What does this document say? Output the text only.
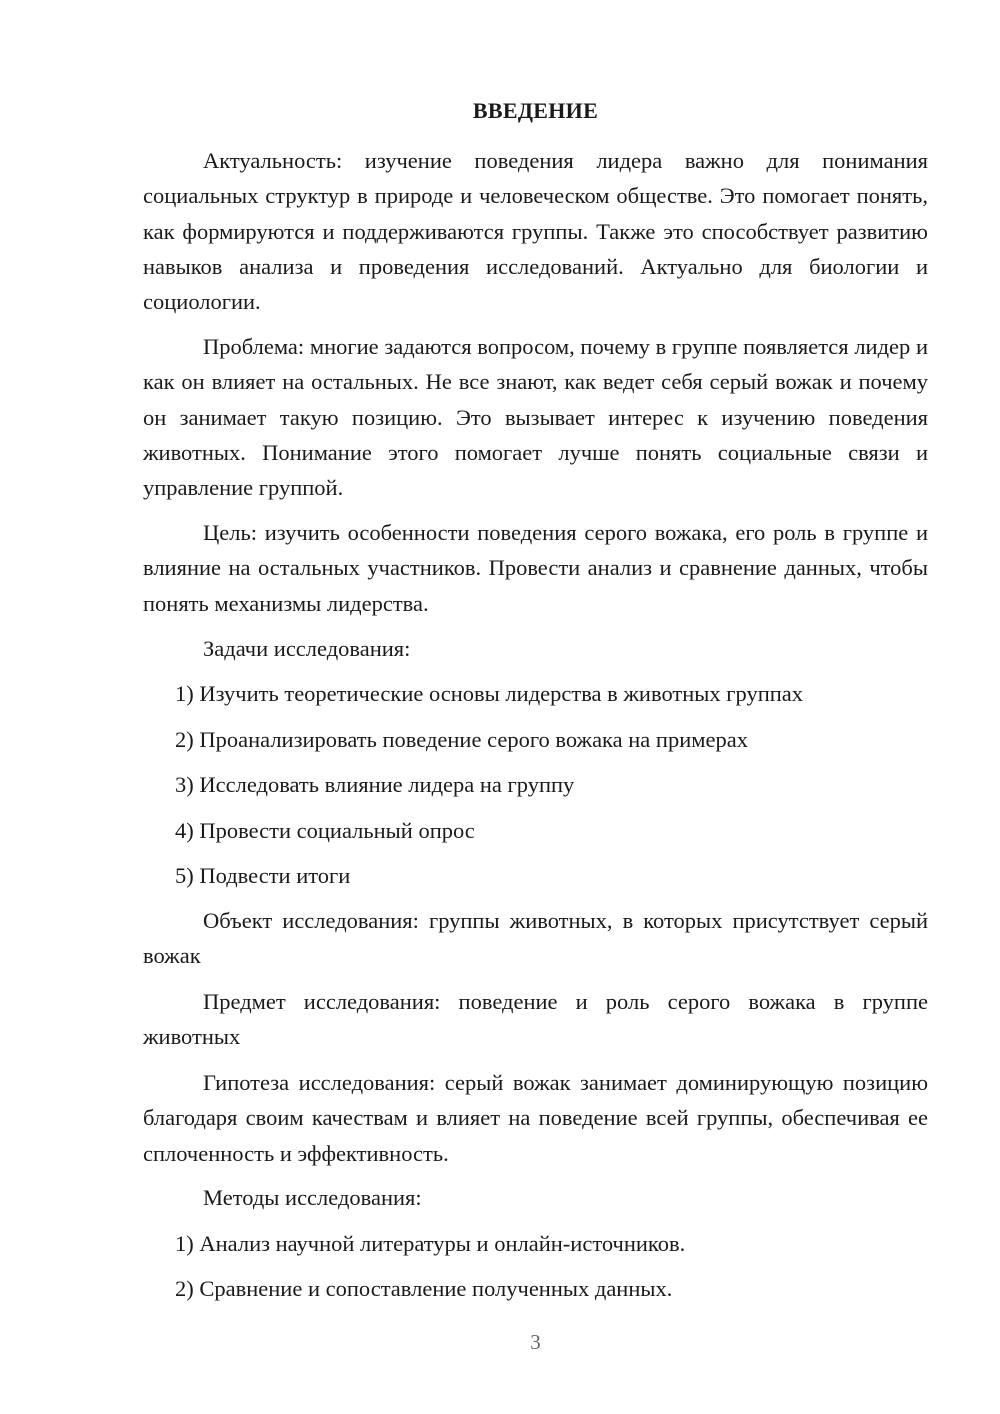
ВВЕДЕНИЕ

Актуальность: изучение поведения лидера важно для понимания социальных структур в природе и человеческом обществе. Это помогает понять, как формируются и поддерживаются группы. Также это способствует развитию навыков анализа и проведения исследований. Актуально для биологии и социологии.

Проблема: многие задаются вопросом, почему в группе появляется лидер и как он влияет на остальных. Не все знают, как ведет себя серый вожак и почему он занимает такую позицию. Это вызывает интерес к изучению поведения животных. Понимание этого помогает лучше понять социальные связи и управление группой.

Цель: изучить особенности поведения серого вожака, его роль в группе и влияние на остальных участников. Провести анализ и сравнение данных, чтобы понять механизмы лидерства.

Задачи исследования:

1) Изучить теоретические основы лидерства в животных группах

2) Проанализировать поведение серого вожака на примерах

3) Исследовать влияние лидера на группу

4) Провести социальный опрос

5) Подвести итоги

Объект исследования: группы животных, в которых присутствует серый вожак

Предмет исследования: поведение и роль серого вожака в группе животных

Гипотеза исследования: серый вожак занимает доминирующую позицию благодаря своим качествам и влияет на поведение всей группы, обеспечивая ее сплоченность и эффективность.

Методы исследования:

1) Анализ научной литературы и онлайн-источников.

2) Сравнение и сопоставление полученных данных.

3
